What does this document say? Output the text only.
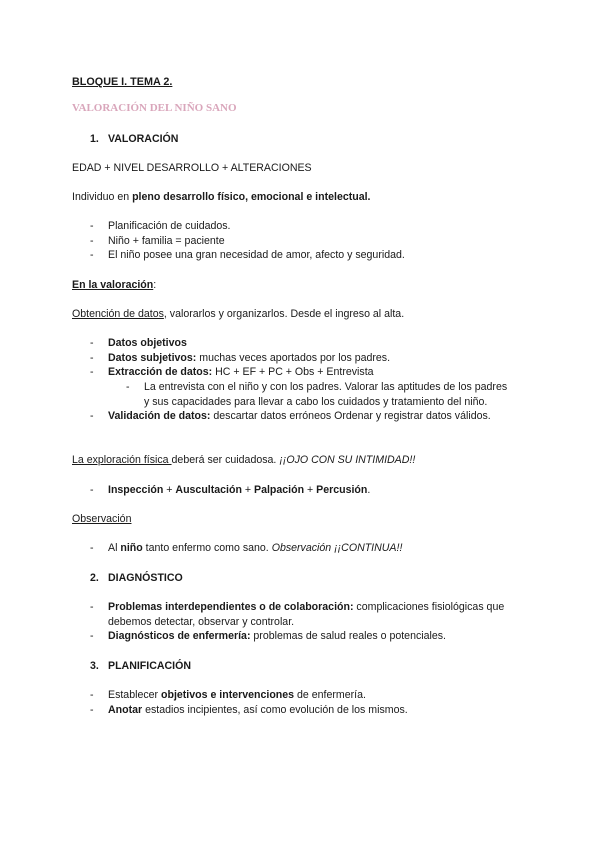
BLOQUE I. TEMA 2.
VALORACIÓN DEL NIÑO SANO
1. VALORACIÓN
EDAD + NIVEL DESARROLLO + ALTERACIONES
Individuo en pleno desarrollo físico, emocional e intelectual.
- Planificación de cuidados.
- Niño + familia = paciente
- El niño posee una gran necesidad de amor, afecto y seguridad.
En la valoración:
Obtención de datos, valorarlos y organizarlos. Desde el ingreso al alta.
- Datos objetivos
- Datos subjetivos: muchas veces aportados por los padres.
- Extracción de datos: HC + EF + PC + Obs + Entrevista
- La entrevista con el niño y con los padres. Valorar las aptitudes de los padres
y sus capacidades para llevar a cabo los cuidados y tratamiento del niño.
- Validación de datos: descartar datos erróneos Ordenar y registrar datos válidos.
La exploración física deberá ser cuidadosa. ¡¡OJO CON SU INTIMIDAD!!
- Inspección + Auscultación + Palpación + Percusión.
Observación
- Al niño tanto enfermo como sano. Observación ¡¡CONTINUA!!
2. DIAGNÓSTICO
- Problemas interdependientes o de colaboración: complicaciones fisiológicas que
debemos detectar, observar y controlar.
- Diagnósticos de enfermería: problemas de salud reales o potenciales.
3. PLANIFICACIÓN
- Establecer objetivos e intervenciones de enfermería.
- Anotar estadios incipientes, así como evolución de los mismos.
